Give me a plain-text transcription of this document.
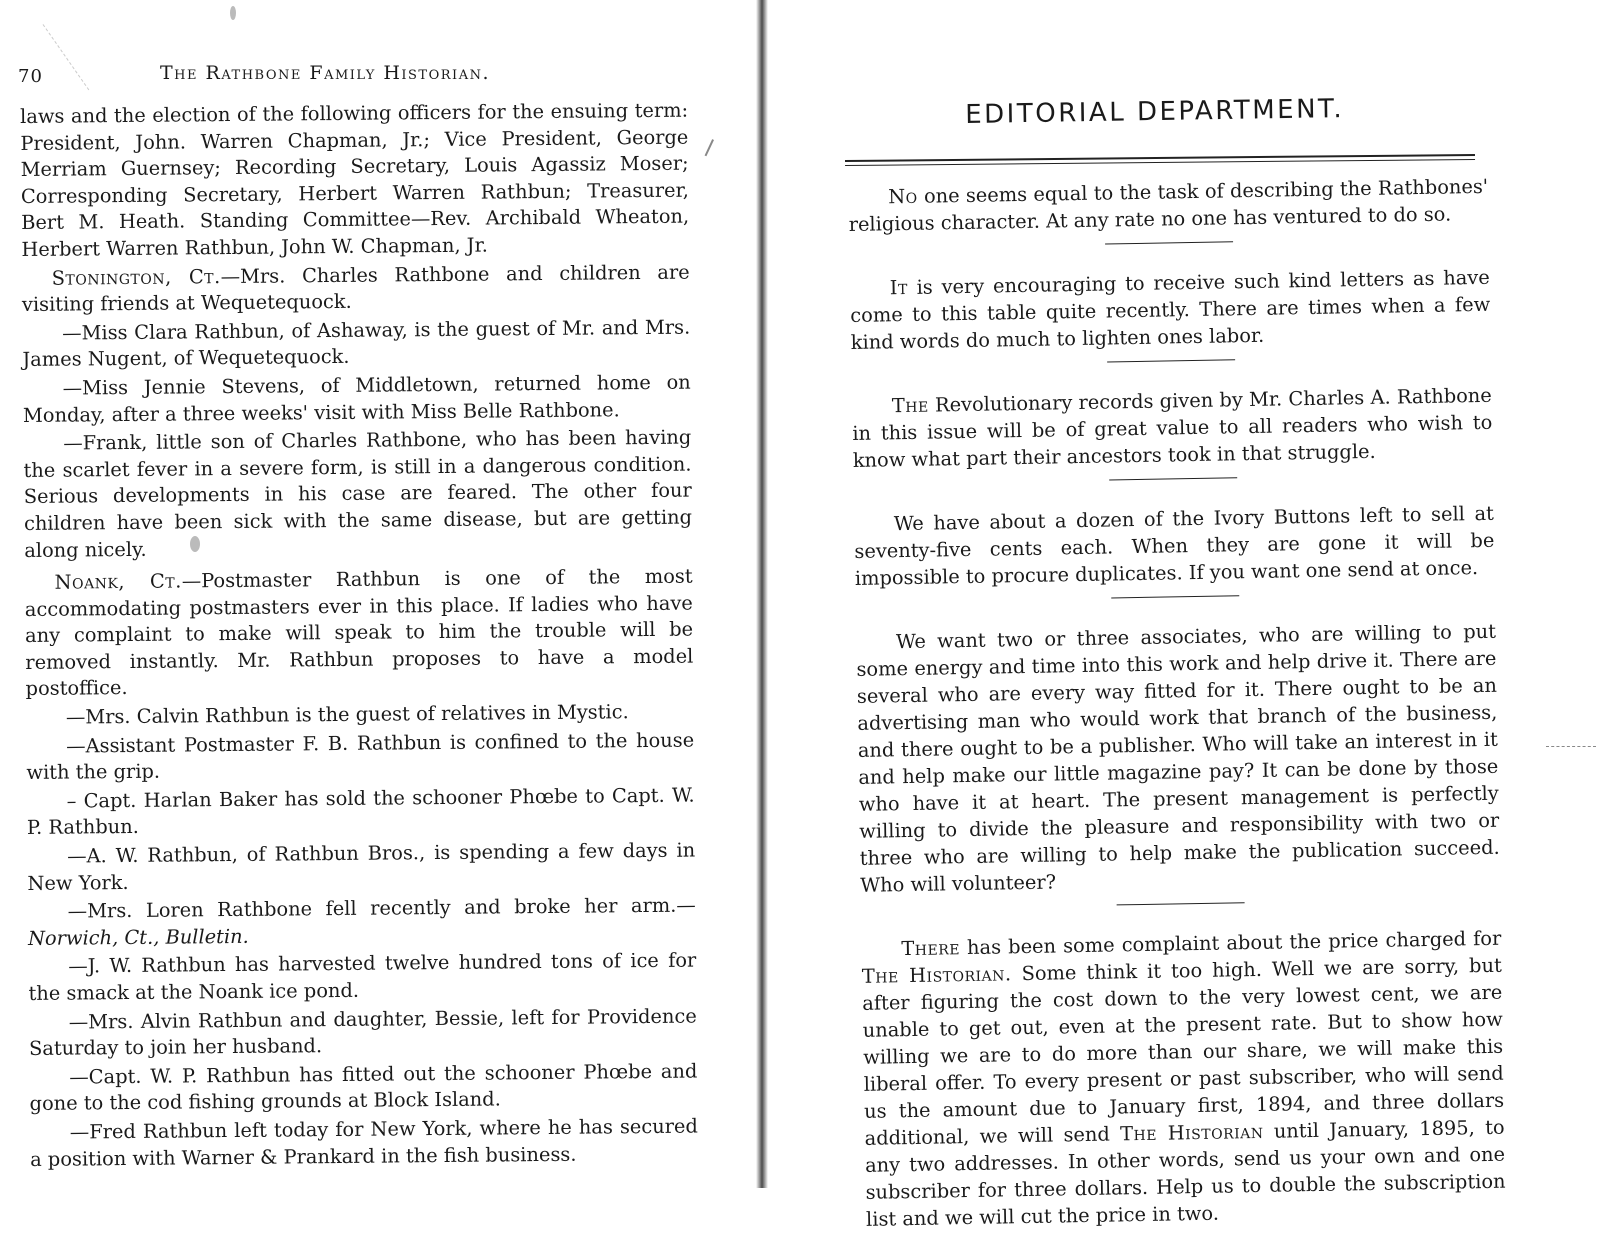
70	The Rathbone Family Historian.

laws and the election of the following officers for the ensuing term: President, John. Warren Chapman, Jr.; Vice President, George Merriam Guernsey; Recording Secretary, Louis Agassiz Moser; Corresponding Secretary, Herbert Warren Rathbun; Treasurer, Bert M. Heath. Standing Committee—Rev. Archibald Wheaton, Herbert Warren Rathbun, John W. Chapman, Jr.

Stonington, Ct.—Mrs. Charles Rathbone and children are visiting friends at Wequetequock.

—Miss Clara Rathbun, of Ashaway, is the guest of Mr. and Mrs. James Nugent, of Wequetequock.

—Miss Jennie Stevens, of Middletown, returned home on Monday, after a three weeks' visit with Miss Belle Rathbone.

—Frank, little son of Charles Rathbone, who has been having the scarlet fever in a severe form, is still in a dangerous condition. Serious developments in his case are feared. The other four children have been sick with the same disease, but are getting along nicely.

Noank, Ct.—Postmaster Rathbun is one of the most accommodating postmasters ever in this place. If ladies who have any complaint to make will speak to him the trouble will be removed instantly. Mr. Rathbun proposes to have a model postoffice.

—Mrs. Calvin Rathbun is the guest of relatives in Mystic.

—Assistant Postmaster F. B. Rathbun is confined to the house with the grip.

– Capt. Harlan Baker has sold the schooner Phœbe to Capt. W. P. Rathbun.

—A. W. Rathbun, of Rathbun Bros., is spending a few days in New York.

—Mrs. Loren Rathbone fell recently and broke her arm.— Norwich, Ct., Bulletin.

—J. W. Rathbun has harvested twelve hundred tons of ice for the smack at the Noank ice pond.

—Mrs. Alvin Rathbun and daughter, Bessie, left for Providence Saturday to join her husband.

—Capt. W. P. Rathbun has fitted out the schooner Phœbe and gone to the cod fishing grounds at Block Island.

—Fred Rathbun left today for New York, where he has secured a position with Warner & Prankard in the fish business.

EDITORIAL DEPARTMENT.

No one seems equal to the task of describing the Rathbones' religious character. At any rate no one has ventured to do so.

It is very encouraging to receive such kind letters as have come to this table quite recently. There are times when a few kind words do much to lighten ones labor.

The Revolutionary records given by Mr. Charles A. Rathbone in this issue will be of great value to all readers who wish to know what part their ancestors took in that struggle.

We have about a dozen of the Ivory Buttons left to sell at seventy-five cents each. When they are gone it will be impossible to procure duplicates. If you want one send at once.

We want two or three associates, who are willing to put some energy and time into this work and help drive it. There are several who are every way fitted for it. There ought to be an advertising man who would work that branch of the business, and there ought to be a publisher. Who will take an interest in it and help make our little magazine pay? It can be done by those who have it at heart. The present management is perfectly willing to divide the pleasure and responsibility with two or three who are willing to help make the publication succeed. Who will volunteer?

There has been some complaint about the price charged for The Historian. Some think it too high. Well we are sorry, but after figuring the cost down to the very lowest cent, we are unable to get out, even at the present rate. But to show how willing we are to do more than our share, we will make this liberal offer. To every present or past subscriber, who will send us the amount due to January first, 1894, and three dollars additional, we will send The Historian until January, 1895, to any two addresses. In other words, send us your own and one subscriber for three dollars. Help us to double the subscription list and we will cut the price in two.
